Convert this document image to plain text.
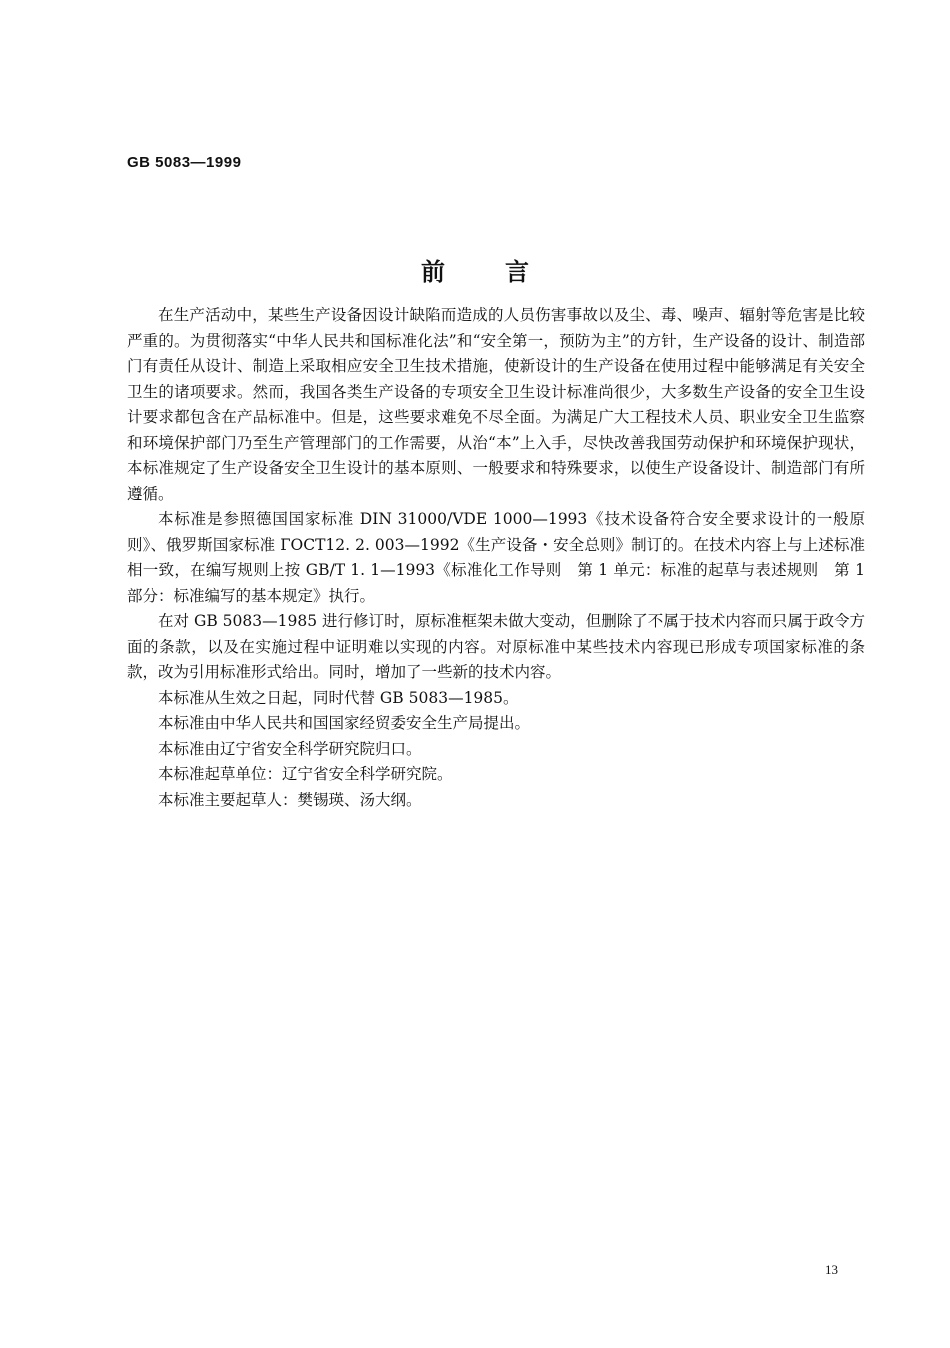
GB 5083—1999
前言

在生产活动中，某些生产设备因设计缺陷而造成的人员伤害事故以及尘、毒、噪声、辐射等危害是比较严重的。为贯彻落实“中华人民共和国标准化法”和“安全第一，预防为主”的方针，生产设备的设计、制造部门有责任从设计、制造上采取相应安全卫生技术措施，使新设计的生产设备在使用过程中能够满足有关安全卫生的诸项要求。然而，我国各类生产设备的专项安全卫生设计标准尚很少，大多数生产设备的安全卫生设计要求都包含在产品标准中。但是，这些要求难免不尽全面。为满足广大工程技术人员、职业安全卫生监察和环境保护部门乃至生产管理部门的工作需要，从治“本”上入手，尽快改善我国劳动保护和环境保护现状，本标准规定了生产设备安全卫生设计的基本原则、一般要求和特殊要求，以使生产设备设计、制造部门有所遵循。

本标准是参照德国国家标准 DIN 31000/VDE 1000—1993《技术设备符合安全要求设计的一般原则》、俄罗斯国家标准 ГОСТ12. 2. 003—1992《生产设备・安全总则》制订的。在技术内容上与上述标准相一致，在编写规则上按 GB/T 1. 1—1993《标准化工作导则　第 1 单元：标准的起草与表述规则　第 1 部分：标准编写的基本规定》执行。

在对 GB 5083—1985 进行修订时，原标准框架未做大变动，但删除了不属于技术内容而只属于政令方面的条款，以及在实施过程中证明难以实现的内容。对原标准中某些技术内容现已形成专项国家标准的条款，改为引用标准形式给出。同时，增加了一些新的技术内容。

本标准从生效之日起，同时代替 GB 5083—1985。

本标准由中华人民共和国国家经贸委安全生产局提出。

本标准由辽宁省安全科学研究院归口。

本标准起草单位：辽宁省安全科学研究院。

本标准主要起草人：樊锡瑛、汤大纲。

13
